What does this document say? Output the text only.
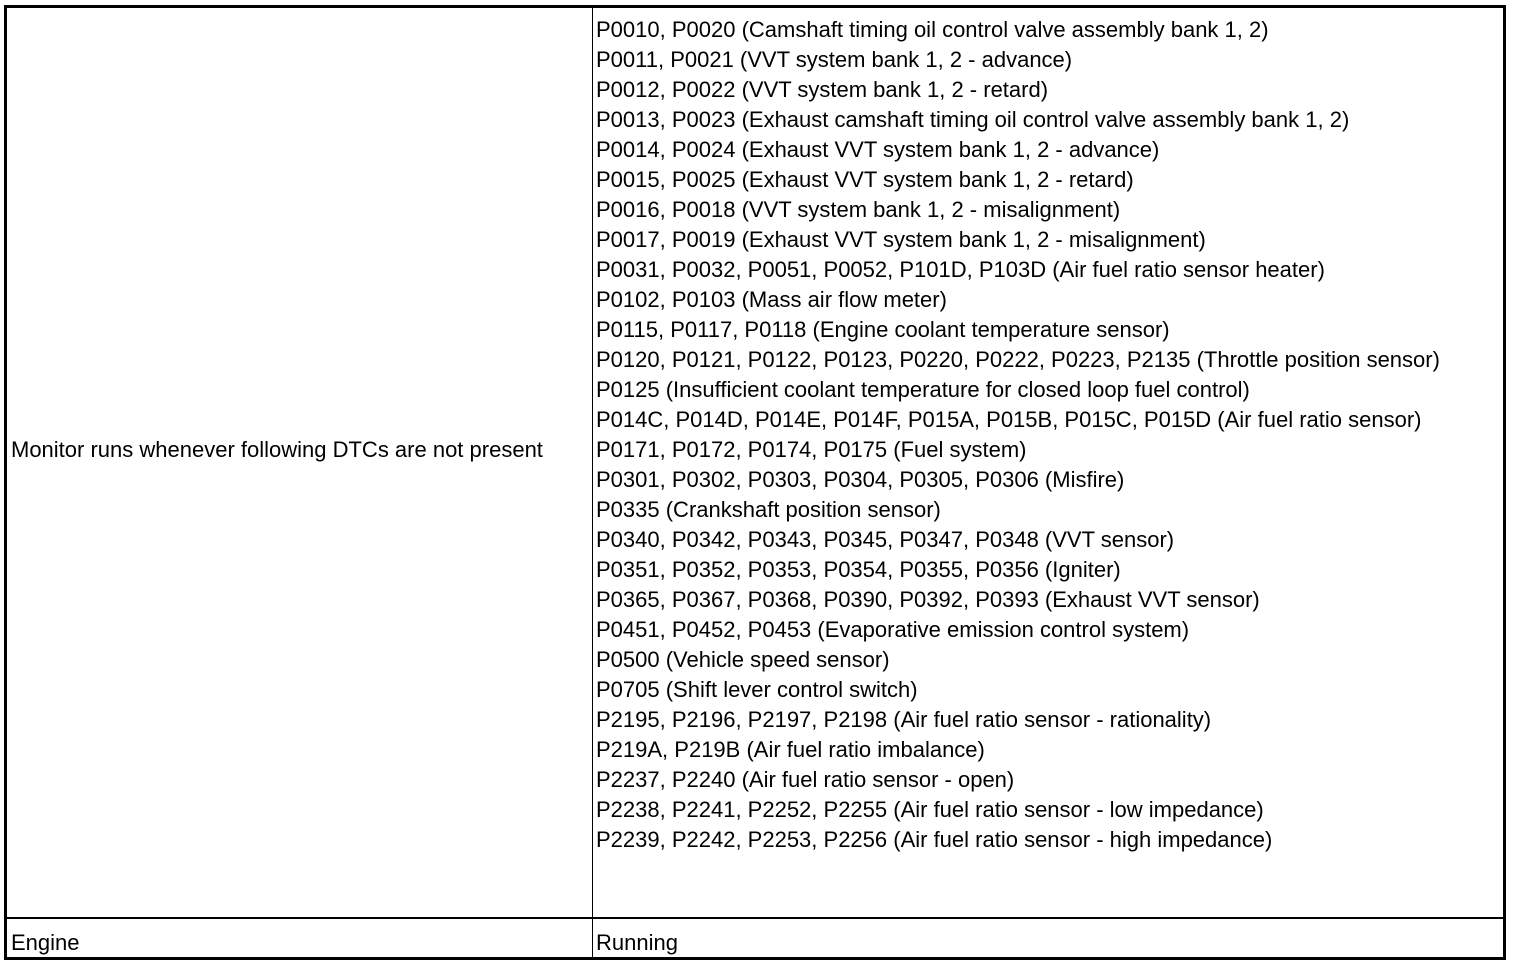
Monitor runs whenever following DTCs are not present
P0010, P0020 (Camshaft timing oil control valve assembly bank 1, 2)
P0011, P0021 (VVT system bank 1, 2 - advance)
P0012, P0022 (VVT system bank 1, 2 - retard)
P0013, P0023 (Exhaust camshaft timing oil control valve assembly bank 1, 2)
P0014, P0024 (Exhaust VVT system bank 1, 2 - advance)
P0015, P0025 (Exhaust VVT system bank 1, 2 - retard)
P0016, P0018 (VVT system bank 1, 2 - misalignment)
P0017, P0019 (Exhaust VVT system bank 1, 2 - misalignment)
P0031, P0032, P0051, P0052, P101D, P103D (Air fuel ratio sensor heater)
P0102, P0103 (Mass air flow meter)
P0115, P0117, P0118 (Engine coolant temperature sensor)
P0120, P0121, P0122, P0123, P0220, P0222, P0223, P2135 (Throttle position sensor)
P0125 (Insufficient coolant temperature for closed loop fuel control)
P014C, P014D, P014E, P014F, P015A, P015B, P015C, P015D (Air fuel ratio sensor)
P0171, P0172, P0174, P0175 (Fuel system)
P0301, P0302, P0303, P0304, P0305, P0306 (Misfire)
P0335 (Crankshaft position sensor)
P0340, P0342, P0343, P0345, P0347, P0348 (VVT sensor)
P0351, P0352, P0353, P0354, P0355, P0356 (Igniter)
P0365, P0367, P0368, P0390, P0392, P0393 (Exhaust VVT sensor)
P0451, P0452, P0453 (Evaporative emission control system)
P0500 (Vehicle speed sensor)
P0705 (Shift lever control switch)
P2195, P2196, P2197, P2198 (Air fuel ratio sensor - rationality)
P219A, P219B (Air fuel ratio imbalance)
P2237, P2240 (Air fuel ratio sensor - open)
P2238, P2241, P2252, P2255 (Air fuel ratio sensor - low impedance)
P2239, P2242, P2253, P2256 (Air fuel ratio sensor - high impedance)
Engine	Running
